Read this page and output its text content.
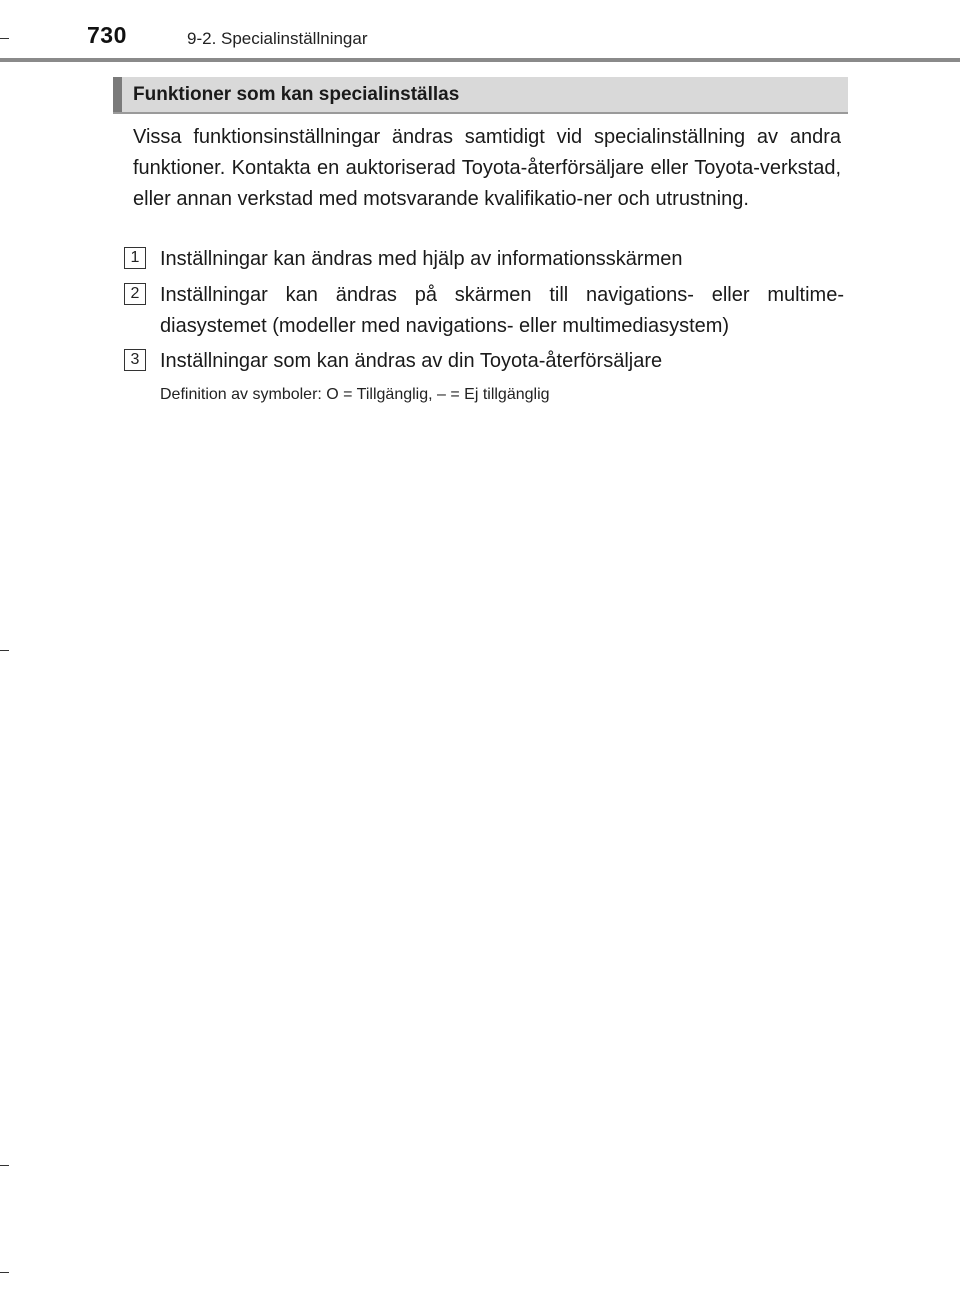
730	9-2. Specialinställningar
Funktioner som kan specialinställas

Vissa funktionsinställningar ändras samtidigt vid specialinställning av andra funktioner. Kontakta en auktoriserad Toyota-återförsäljare eller Toyota-verkstad, eller annan verkstad med motsvarande kvalifikatio-ner och utrustning.

1	Inställningar kan ändras med hjälp av informationsskärmen

2	Inställningar kan ändras på skärmen till navigations- eller multime-diasystemet (modeller med navigations- eller multimediasystem)

3	Inställningar som kan ändras av din Toyota-återförsäljare

Definition av symboler: O = Tillgänglig, – = Ej tillgänglig
